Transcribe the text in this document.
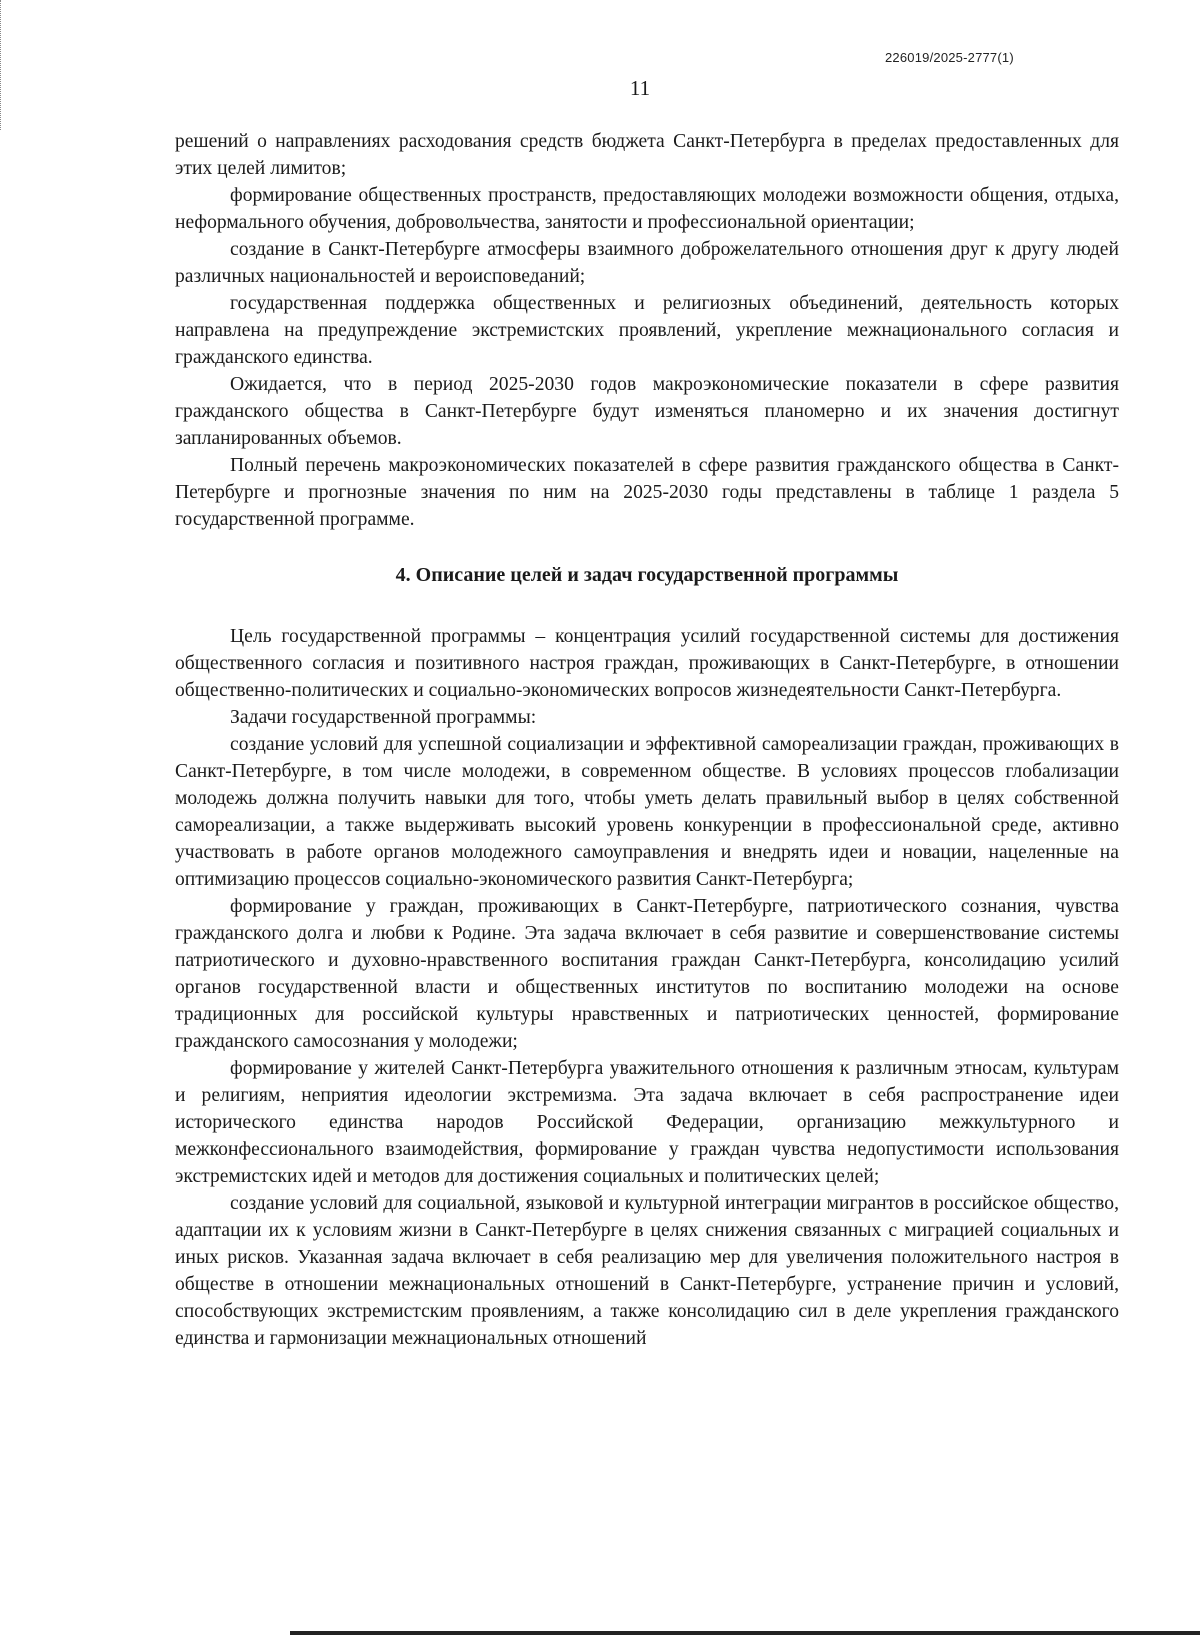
226019/2025-2777(1)
11

решений о направлениях расходования средств бюджета Санкт-Петербурга в пределах предоставленных для этих целей лимитов;

формирование общественных пространств, предоставляющих молодежи возможности общения, отдыха, неформального обучения, добровольчества, занятости и профессиональной ориентации;

создание в Санкт-Петербурге атмосферы взаимного доброжелательного отношения друг к другу людей различных национальностей и вероисповеданий;

государственная поддержка общественных и религиозных объединений, деятельность которых направлена на предупреждение экстремистских проявлений, укрепление межнационального согласия и гражданского единства.

Ожидается, что в период 2025-2030 годов макроэкономические показатели в сфере развития гражданского общества в Санкт-Петербурге будут изменяться планомерно и их значения достигнут запланированных объемов.

Полный перечень макроэкономических показателей в сфере развития гражданского общества в Санкт-Петербурге и прогнозные значения по ним на 2025-2030 годы представлены в таблице 1 раздела 5 государственной программе.

4. Описание целей и задач государственной программы

Цель государственной программы – концентрация усилий государственной системы для достижения общественного согласия и позитивного настроя граждан, проживающих в Санкт-Петербурге, в отношении общественно-политических и социально-экономических вопросов жизнедеятельности Санкт-Петербурга.

Задачи государственной программы:

создание условий для успешной социализации и эффективной самореализации граждан, проживающих в Санкт-Петербурге, в том числе молодежи, в современном обществе. В условиях процессов глобализации молодежь должна получить навыки для того, чтобы уметь делать правильный выбор в целях собственной самореализации, а также выдерживать высокий уровень конкуренции в профессиональной среде, активно участвовать в работе органов молодежного самоуправления и внедрять идеи и новации, нацеленные на оптимизацию процессов социально-экономического развития Санкт-Петербурга;

формирование у граждан, проживающих в Санкт-Петербурге, патриотического сознания, чувства гражданского долга и любви к Родине. Эта задача включает в себя развитие и совершенствование системы патриотического и духовно-нравственного воспитания граждан Санкт-Петербурга, консолидацию усилий органов государственной власти и общественных институтов по воспитанию молодежи на основе традиционных для российской культуры нравственных и патриотических ценностей, формирование гражданского самосознания у молодежи;

формирование у жителей Санкт-Петербурга уважительного отношения к различным этносам, культурам и религиям, неприятия идеологии экстремизма. Эта задача включает в себя распространение идеи исторического единства народов Российской Федерации, организацию межкультурного и межконфессионального взаимодействия, формирование у граждан чувства недопустимости использования экстремистских идей и методов для достижения социальных и политических целей;

создание условий для социальной, языковой и культурной интеграции мигрантов в российское общество, адаптации их к условиям жизни в Санкт-Петербурге в целях снижения связанных с миграцией социальных и иных рисков. Указанная задача включает в себя реализацию мер для увеличения положительного настроя в обществе в отношении межнациональных отношений в Санкт-Петербурге, устранение причин и условий, способствующих экстремистским проявлениям, а также консолидацию сил в деле укрепления гражданского единства и гармонизации межнациональных отношений
